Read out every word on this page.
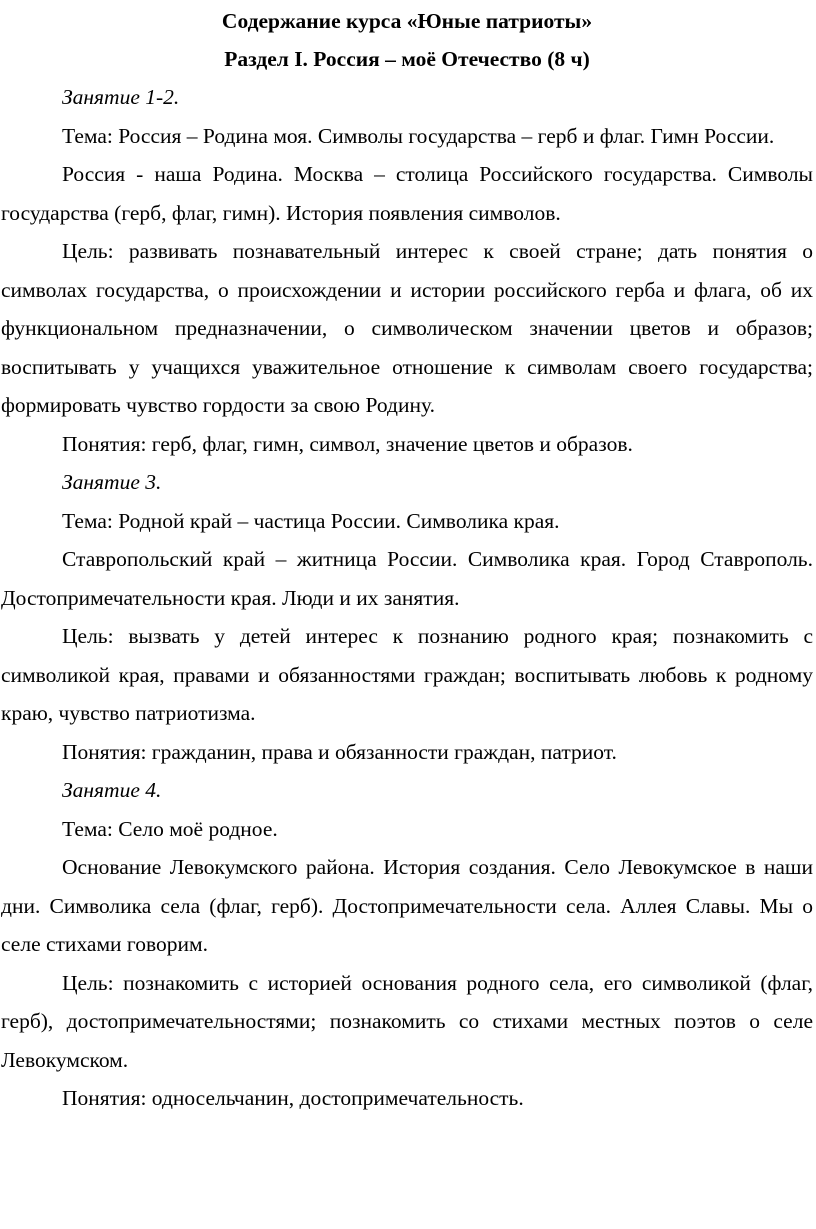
Содержание курса «Юные патриоты»
Раздел I. Россия – моё Отечество (8 ч)

Занятие 1-2.

Тема: Россия – Родина моя. Символы государства – герб и флаг. Гимн России.

Россия - наша Родина. Москва – столица Российского государства. Символы государства (герб, флаг, гимн). История появления символов.

Цель: развивать познавательный интерес к своей стране; дать понятия о символах государства, о происхождении и истории российского герба и флага, об их функциональном предназначении, о символическом значении цветов и образов; воспитывать у учащихся уважительное отношение к символам своего государства; формировать чувство гордости за свою Родину.

Понятия: герб, флаг, гимн, символ, значение цветов и образов.

Занятие 3.

Тема: Родной край – частица России. Символика края.

Ставропольский край – житница России. Символика края. Город Ставрополь. Достопримечательности края. Люди и их занятия.

Цель: вызвать у детей интерес к познанию родного края; познакомить с символикой края, правами и обязанностями граждан; воспитывать любовь к родному краю, чувство патриотизма.

Понятия: гражданин, права и обязанности граждан, патриот.

Занятие 4.

Тема: Село моё родное.

Основание Левокумского района. История создания. Село Левокумское в наши дни. Символика села (флаг, герб). Достопримечательности села. Аллея Славы. Мы о селе стихами говорим.

Цель: познакомить с историей основания родного села, его символикой (флаг, герб), достопримечательностями; познакомить со стихами местных поэтов о селе Левокумском.

Понятия: односельчанин, достопримечательность.
